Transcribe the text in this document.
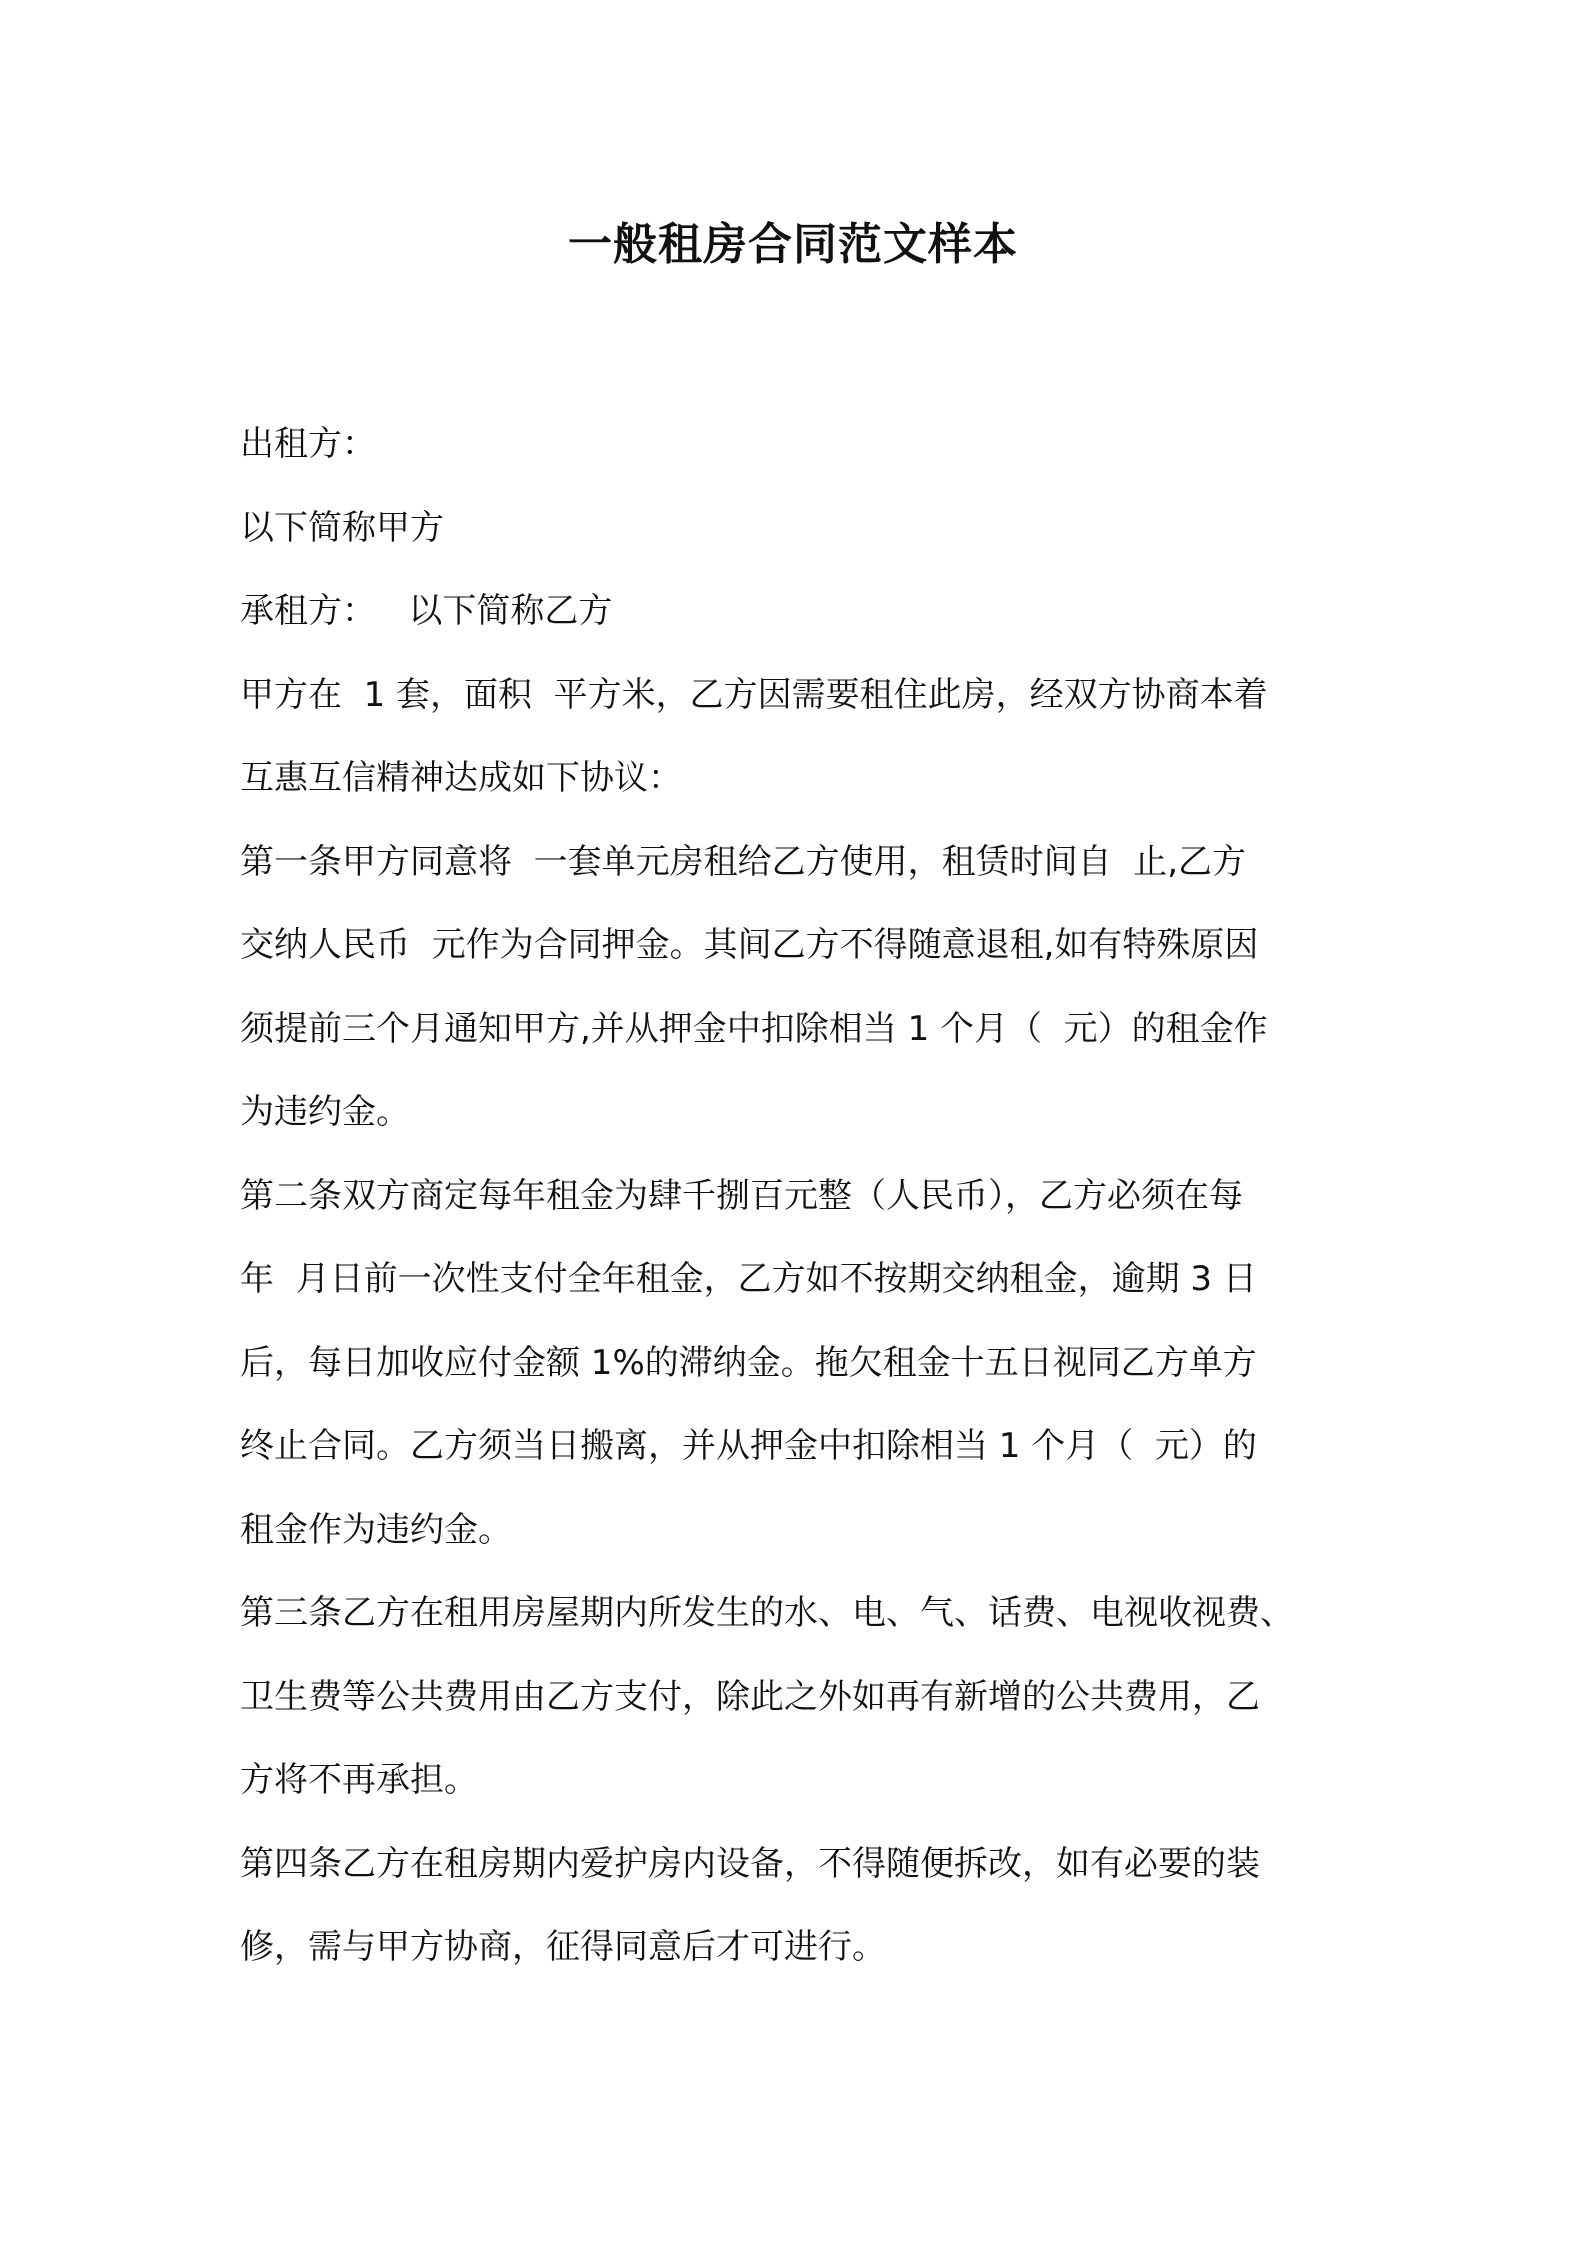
一般租房合同范文样本

出租方：

以下简称甲方

承租方：   以下简称乙方

甲方在  1 套，面积  平方米，乙方因需要租住此房，经双方协商本着
互惠互信精神达成如下协议：

第一条甲方同意将  一套单元房租给乙方使用，租赁时间自  止,乙方
交纳人民币  元作为合同押金。其间乙方不得随意退租,如有特殊原因
须提前三个月通知甲方,并从押金中扣除相当 1 个月（  元）的租金作
为违约金。

第二条双方商定每年租金为肆千捌百元整（人民币），乙方必须在每
年  月日前一次性支付全年租金，乙方如不按期交纳租金，逾期 3 日
后，每日加收应付金额 1%的滞纳金。拖欠租金十五日视同乙方单方
终止合同。乙方须当日搬离，并从押金中扣除相当 1 个月（  元）的
租金作为违约金。

第三条乙方在租用房屋期内所发生的水、电、气、话费、电视收视费、
卫生费等公共费用由乙方支付，除此之外如再有新增的公共费用，乙
方将不再承担。

第四条乙方在租房期内爱护房内设备，不得随便拆改，如有必要的装
修，需与甲方协商，征得同意后才可进行。
